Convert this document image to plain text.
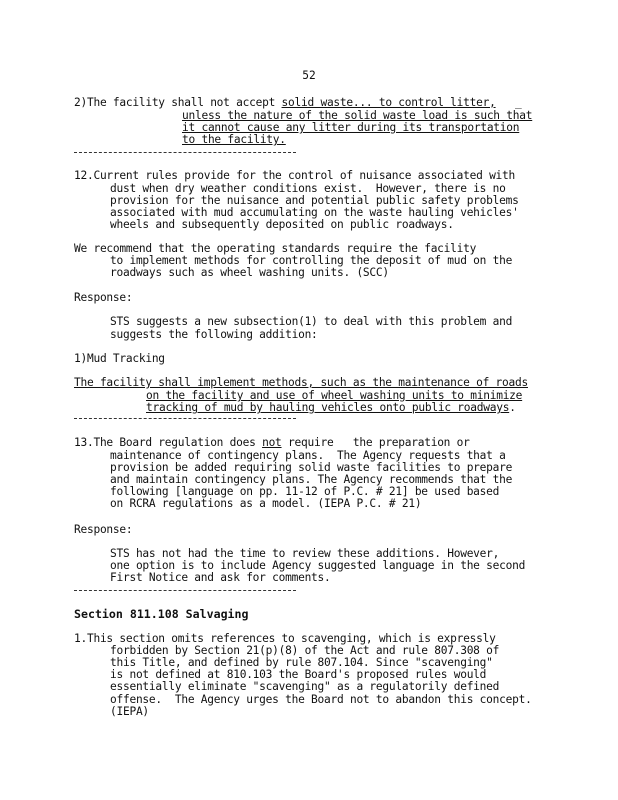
52
2)The facility shall not accept solid waste... to control litter,   _
unless the nature of the solid waste load is such that
it cannot cause any litter during its transportation
to the facility.
12.Current rules provide for the control of nuisance associated with
dust when dry weather conditions exist.  However, there is no
provision for the nuisance and potential public safety problems
associated with mud accumulating on the waste hauling vehicles'
wheels and subsequently deposited on public roadways.
We recommend that the operating standards require the facility
to implement methods for controlling the deposit of mud on the
roadways such as wheel washing units. (SCC)
Response:
STS suggests a new subsection(1) to deal with this problem and
suggests the following addition:
1)Mud Tracking
The facility shall implement methods, such as the maintenance of roads
on the facility and use of wheel washing units to minimize
tracking of mud by hauling vehicles onto public roadways.
13.The Board regulation does not require   the preparation or
maintenance of contingency plans.  The Agency requests that a
provision be added requiring solid waste facilities to prepare
and maintain contingency plans. The Agency recommends that the
following [language on pp. 11-12 of P.C. # 21] be used based
on RCRA regulations as a model. (IEPA P.C. # 21)
Response:
STS has not had the time to review these additions. However,
one option is to include Agency suggested language in the second
First Notice and ask for comments.
Section 811.108 Salvaging
1.This section omits references to scavenging, which is expressly
forbidden by Section 21(p)(8) of the Act and rule 807.308 of
this Title, and defined by rule 807.104. Since "scavenging"
is not defined at 810.103 the Board's proposed rules would
essentially eliminate "scavenging" as a regulatorily defined
offense.  The Agency urges the Board not to abandon this concept.
(IEPA)
